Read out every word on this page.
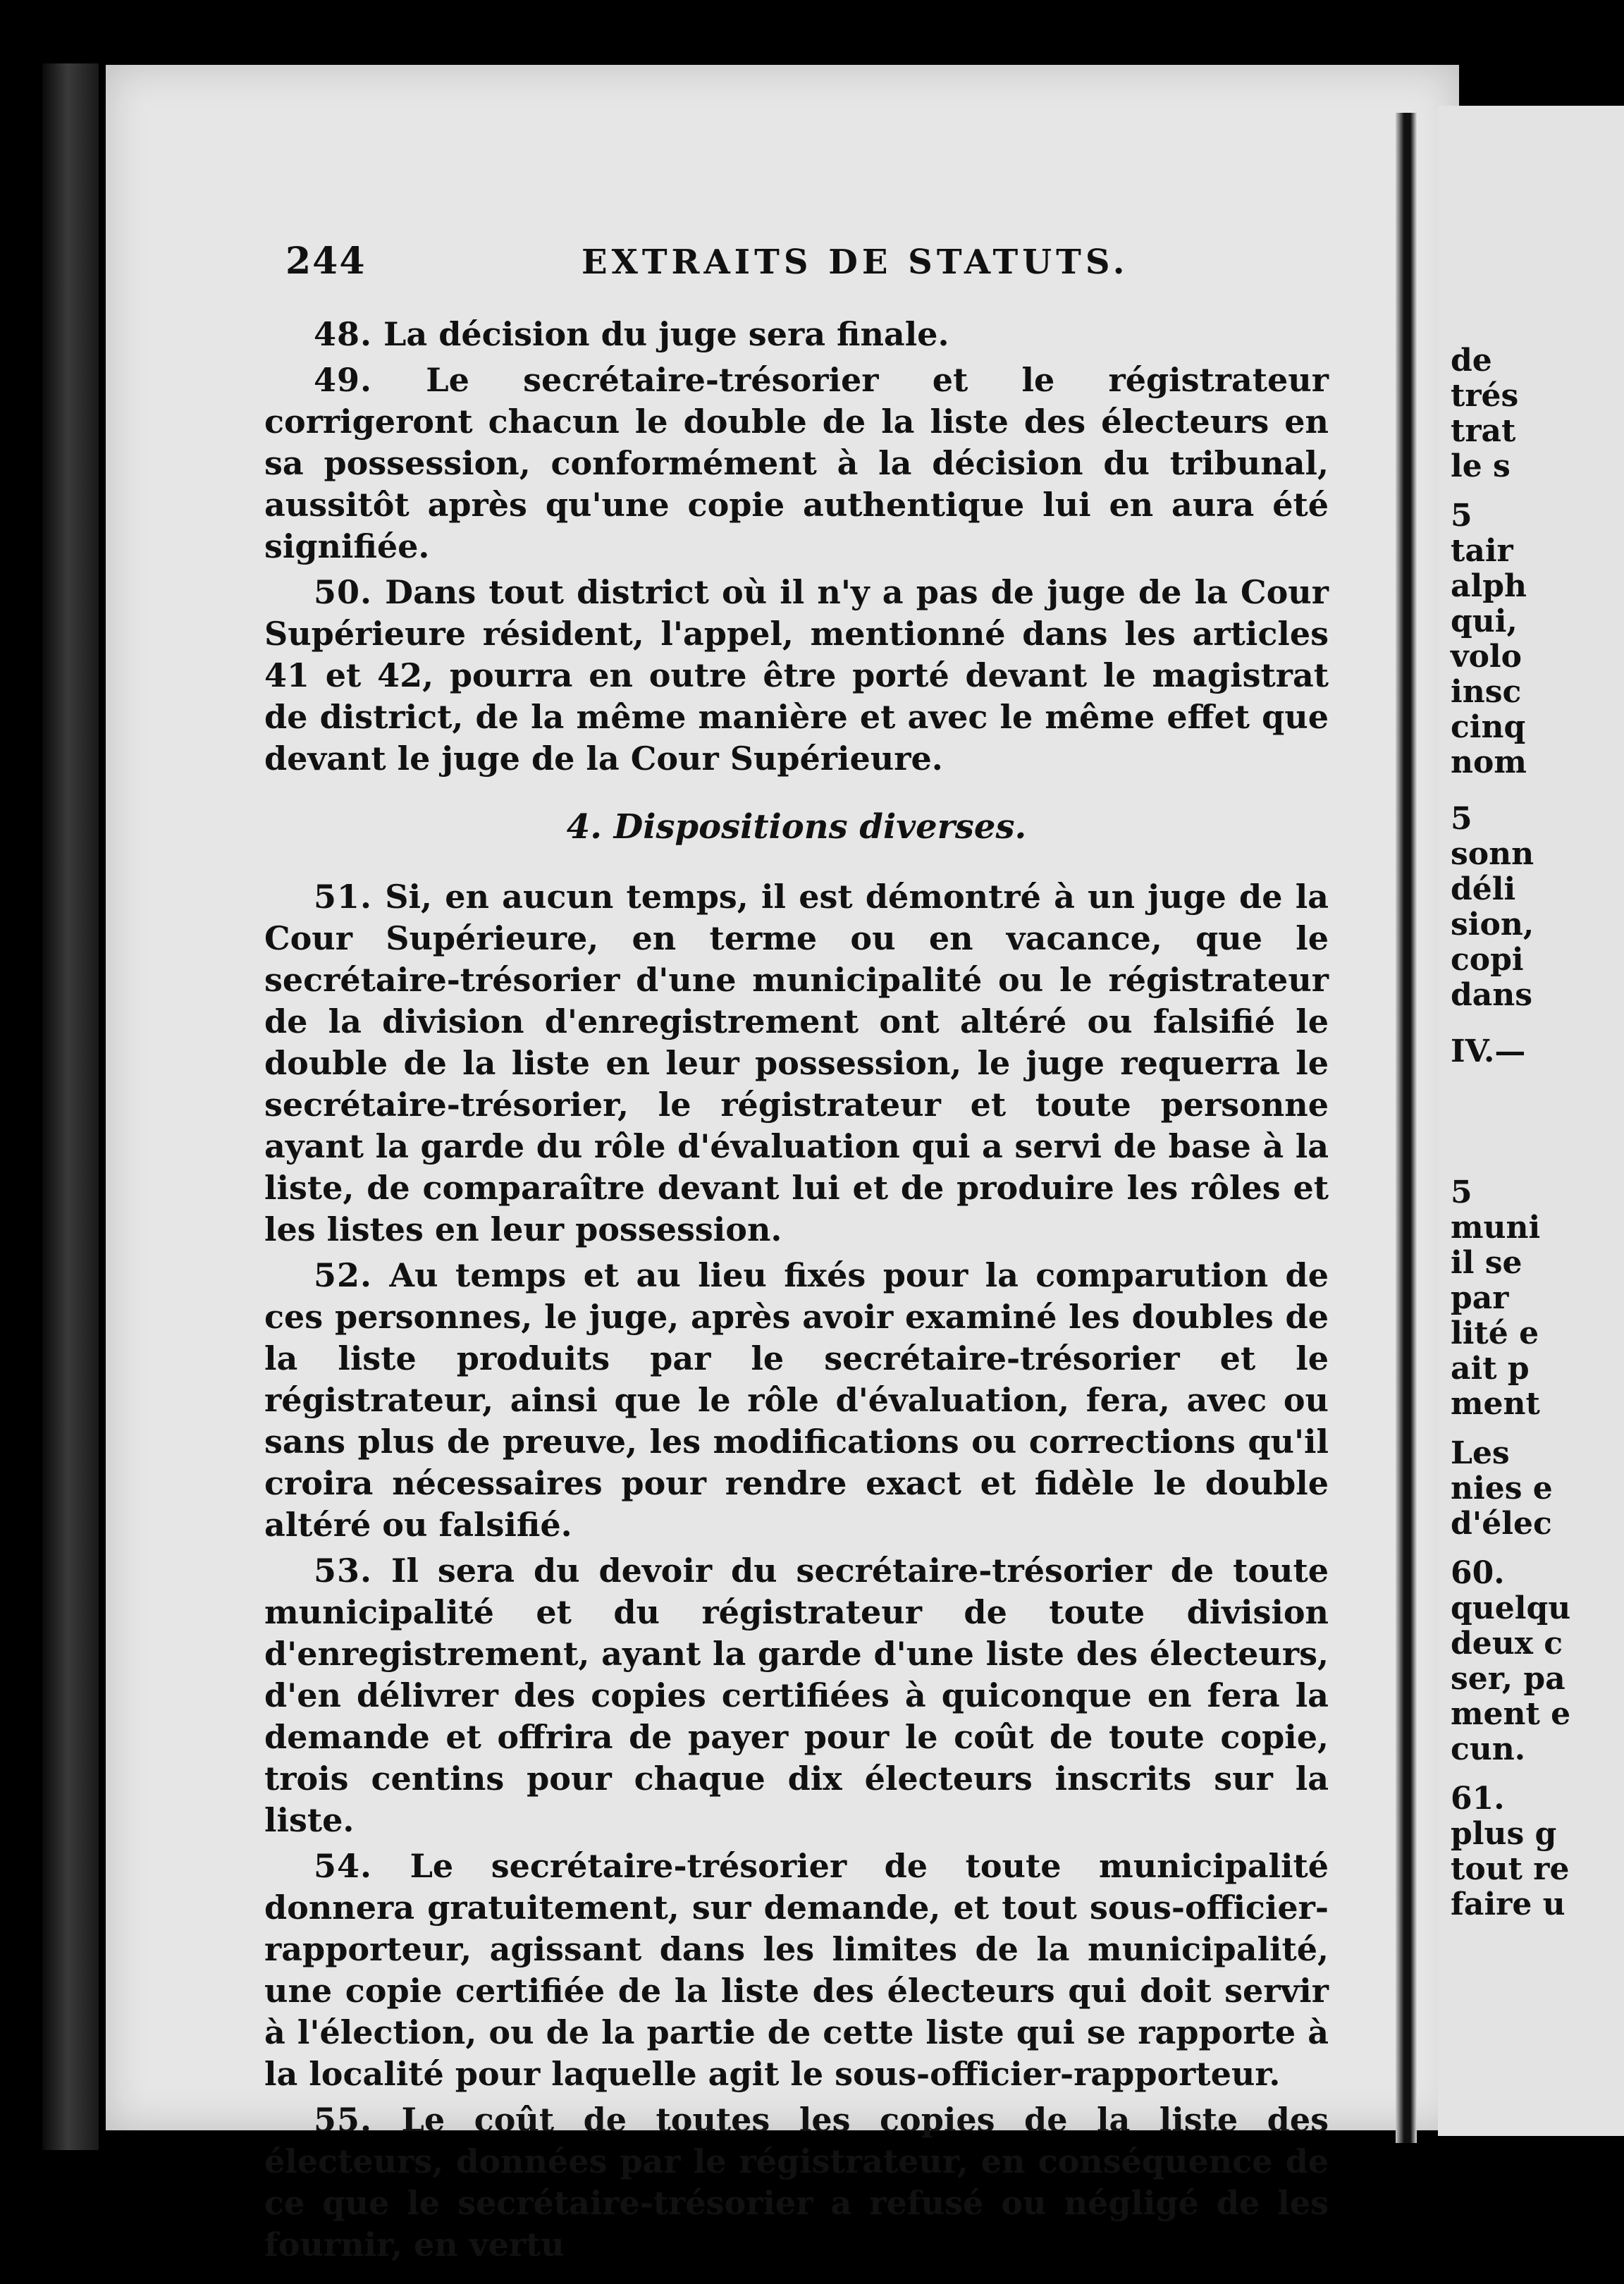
244	EXTRAITS DE STATUTS.

48. La décision du juge sera finale.

49. Le secrétaire-trésorier et le régistrateur corrigeront chacun le double de la liste des électeurs en sa possession, conformément à la décision du tribunal, aussitôt après qu'une copie authentique lui en aura été signifiée.

50. Dans tout district où il n'y a pas de juge de la Cour Supérieure résident, l'appel, mentionné dans les articles 41 et 42, pourra en outre être porté devant le magistrat de district, de la même manière et avec le même effet que devant le juge de la Cour Supérieure.

4. Dispositions diverses.

51. Si, en aucun temps, il est démontré à un juge de la Cour Supérieure, en terme ou en vacance, que le secrétaire-trésorier d'une municipalité ou le régistrateur de la division d'enregistrement ont altéré ou falsifié le double de la liste en leur possession, le juge requerra le secrétaire-trésorier, le régistrateur et toute personne ayant la garde du rôle d'évaluation qui a servi de base à la liste, de comparaître devant lui et de produire les rôles et les listes en leur possession.

52. Au temps et au lieu fixés pour la comparution de ces personnes, le juge, après avoir examiné les doubles de la liste produits par le secrétaire-trésorier et le régistrateur, ainsi que le rôle d'évaluation, fera, avec ou sans plus de preuve, les modifications ou corrections qu'il croira nécessaires pour rendre exact et fidèle le double altéré ou falsifié.

53. Il sera du devoir du secrétaire-trésorier de toute municipalité et du régistrateur de toute division d'enregistrement, ayant la garde d'une liste des électeurs, d'en délivrer des copies certifiées à quiconque en fera la demande et offrira de payer pour le coût de toute copie, trois centins pour chaque dix électeurs inscrits sur la liste.

54. Le secrétaire-trésorier de toute municipalité donnera gratuitement, sur demande, et tout sous-officier-rapporteur, agissant dans les limites de la municipalité, une copie certifiée de la liste des électeurs qui doit servir à l'élection, ou de la partie de cette liste qui se rapporte à la localité pour laquelle agit le sous-officier-rapporteur.

55. Le coût de toutes les copies de la liste des électeurs, données par le régistrateur, en conséquence de ce que le secrétaire-trésorier a refusé ou négligé de les fournir, en vertu

de
trés
trat
le s
5
tair
alph
qui,
volo
insc
cinq
nom
5
sonn
déli
sion,
copi
dans
IV.—
5
muni
il se
par
lité e
ait p
ment
Les
nies e
d'élec
60.
quelqu
deux c
ser, pa
ment e
cun.
61.
plus g
tout re
faire u
